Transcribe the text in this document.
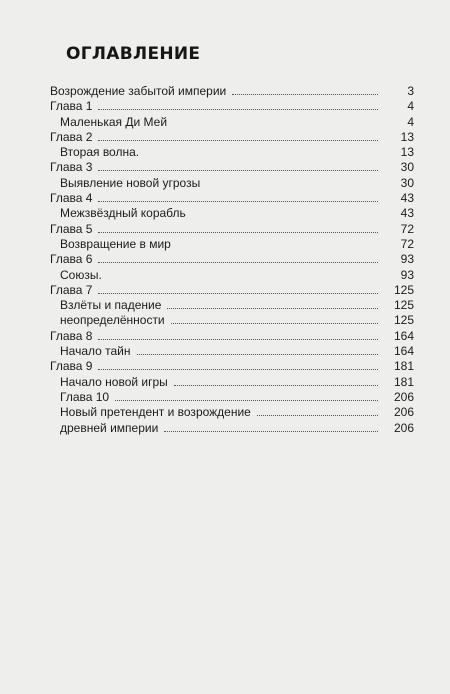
ОГЛАВЛЕНИЕ
Возрождение забытой империи	3
Глава 1	4
Маленькая Ди Мей	4
Глава 2	13
Вторая волна.	13
Глава 3	30
Выявление новой угрозы	30
Глава 4	43
Межзвёздный корабль	43
Глава 5	72
Возвращение в мир	72
Глава 6	93
Союзы.	93
Глава 7	125
Взлёты и падение	125
неопределённости	125
Глава 8	164
Начало тайн	164
Глава 9	181
Начало новой игры	181
Глава 10	206
Новый претендент и возрождение	206
древней империи	206
